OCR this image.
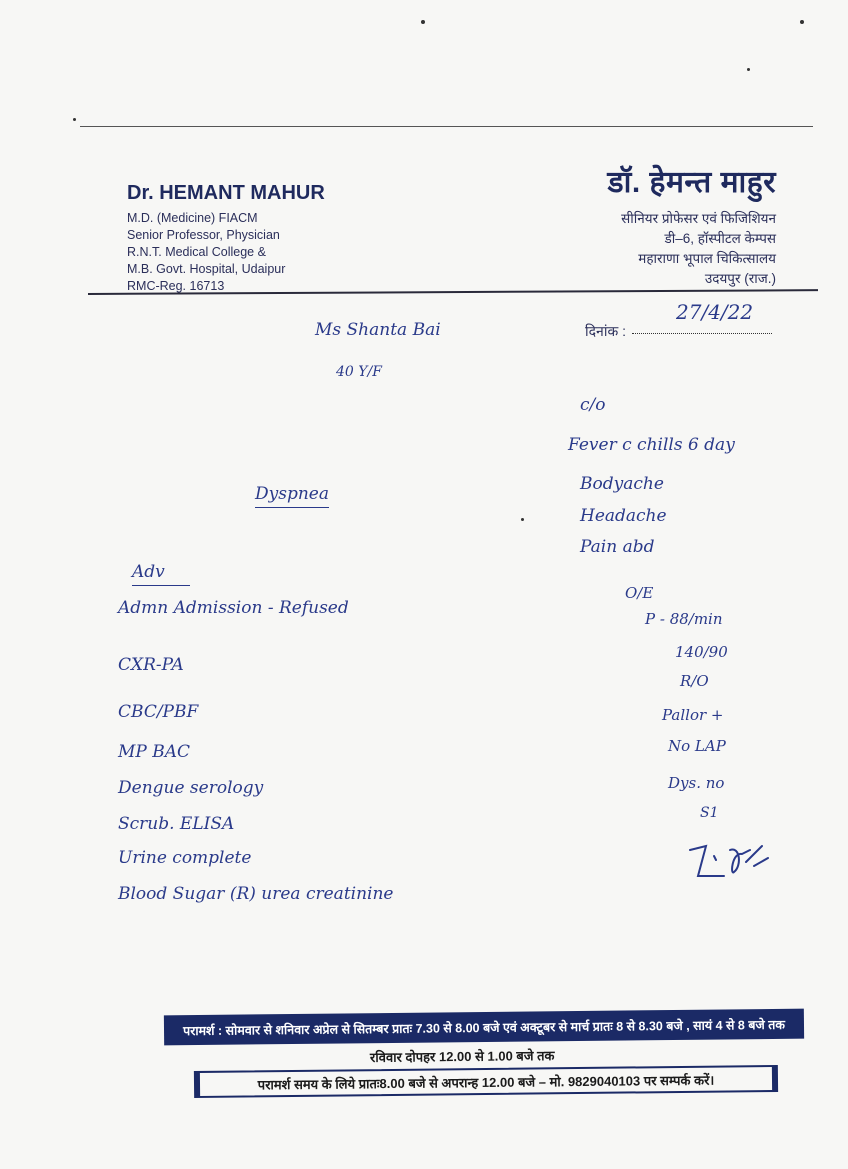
Dr. HEMANT MAHUR
M.D. (Medicine) FIACM
Senior Professor, Physician
R.N.T. Medical College &
M.B. Govt. Hospital, Udaipur
RMC-Reg. 16713
डॉ. हेमन्त माहुर
सीनियर प्रोफेसर एवं फिजिशियन
डी–6, हॉस्पीटल केम्पस
महाराणा भूपाल चिकित्सालय
उदयपुर (राज.)
दिनांक :
27/4/22
Ms Shanta Bai
40 Y/F
Dyspnea
c/o
Fever c chills 6 day
Bodyache
Headache
Pain abd
O/E
P - 88/min
140/90
R/O
Pallor +
No LAP
Dys. no
S1
Adv
Admn Admission - Refused
CXR-PA
CBC/PBF
MP BAC
Dengue serology
Scrub. ELISA
Urine complete
Blood Sugar (R) urea creatinine
परामर्श : सोमवार से शनिवार अप्रेल से सितम्बर प्रातः 7.30 से 8.00 बजे एवं अक्टूबर से मार्च प्रातः 8 से 8.30 बजे , सायं 4 से 8 बजे तक
रविवार दोपहर 12.00 से 1.00 बजे तक
परामर्श समय के लिये प्रातः8.00 बजे से अपरान्ह 12.00 बजे – मो. 9829040103 पर सम्पर्क करें।
